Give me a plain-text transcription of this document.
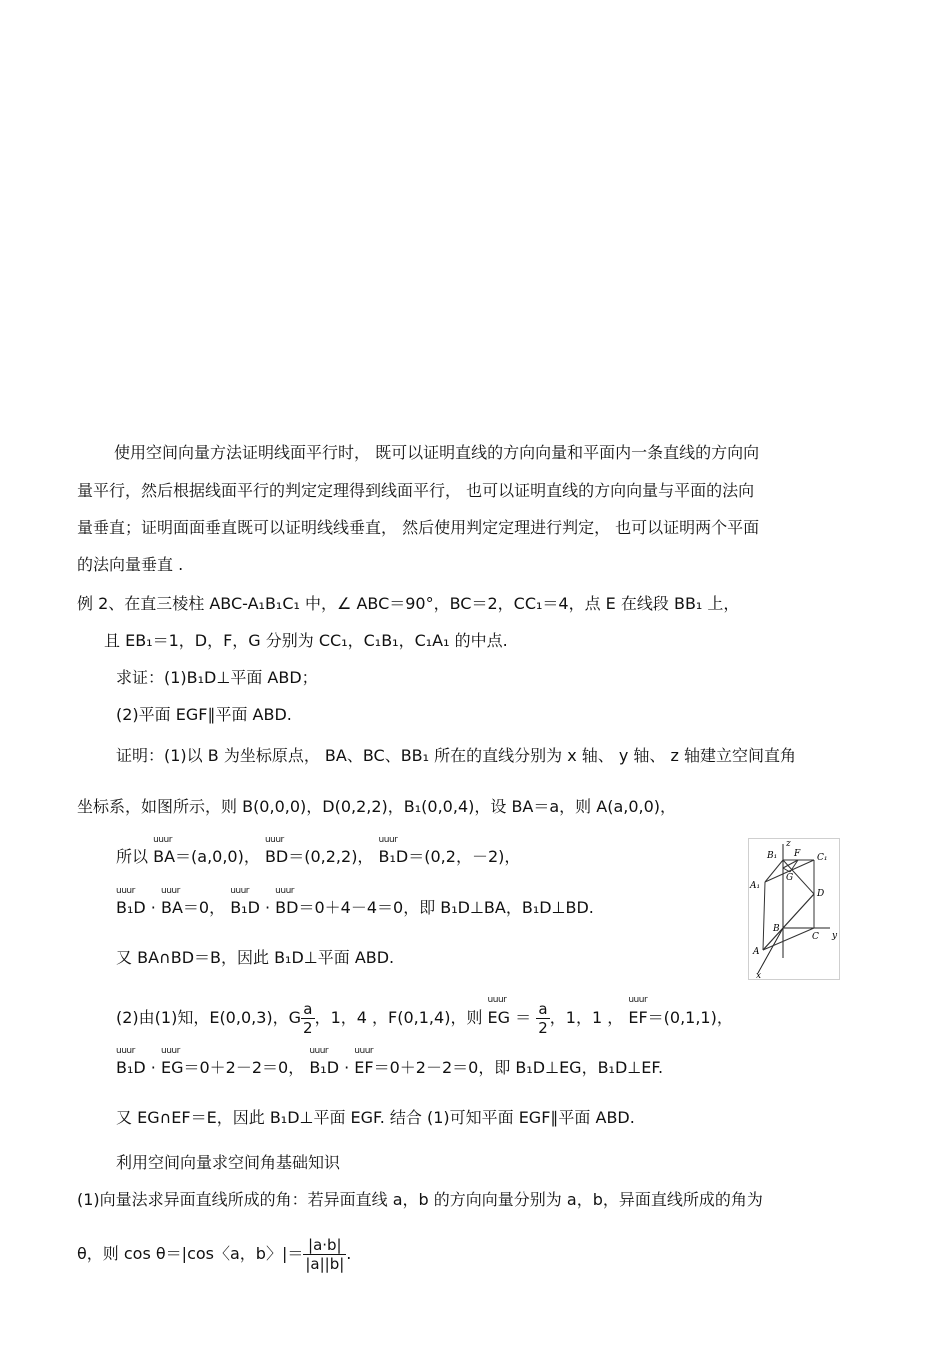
使用空间向量方法证明线面平行时， 既可以证明直线的方向向量和平面内一条直线的方向向
量平行，然后根据线面平行的判定定理得到线面平行， 也可以证明直线的方向向量与平面的法向
量垂直；证明面面垂直既可以证明线线垂直， 然后使用判定定理进行判定， 也可以证明两个平面
的法向量垂直 .
例 2、在直三棱柱 ABC-A₁B₁C₁ 中，∠ ABC＝90°，BC＝2，CC₁＝4，点 E 在线段 BB₁ 上，
且 EB₁＝1，D，F，G 分别为 CC₁，C₁B₁，C₁A₁ 的中点.
求证：(1)B₁D⊥平面 ABD；
(2)平面 EGF∥平面 ABD.
证明：(1)以 B 为坐标原点， BA、BC、BB₁ 所在的直线分别为 x 轴、 y 轴、 z 轴建立空间直角
坐标系，如图所示，则 B(0,0,0)，D(0,2,2)，B₁(0,0,4)，设 BA＝a，则 A(a,0,0)，
所以
uuur
BA＝(a,0,0)，
uuur
BD＝(0,2,2)，
uuur
B₁D＝(0,2，－2)，
uuur
B₁D ·
uuur
BA＝0，
uuur
B₁D ·
uuur
BD＝0＋4－4＝0，即 B₁D⊥BA，B₁D⊥BD.
又 BA∩BD＝B，因此 B₁D⊥平面 ABD.
(2)由(1)知，E(0,0,3)，G $\frac{a}{2}$ ，1，4 ，F(0,1,4)，则
uuur
EG ＝ $\frac{a}{2}$ ，1，1 ，
uuur
EF＝(0,1,1)，
uuur
B₁D ·
uuur
EG＝0＋2－2＝0，
uuur
B₁D ·
uuur
EF＝0＋2－2＝0，即 B₁D⊥EG，B₁D⊥EF.
又 EG∩EF＝E，因此 B₁D⊥平面 EGF. 结合 (1)可知平面 EGF∥平面 ABD.
利用空间向量求空间角基础知识
(1)向量法求异面直线所成的角：若异面直线 a，b 的方向向量分别为 a，b，异面直线所成的角为
θ，则 cos θ＝|cos〈a，b〉|＝ $\frac{|a\cdot b|}{|a||b|}$ .
z
B₁ F C₁
A₁
G
D
B
C y
A
x
